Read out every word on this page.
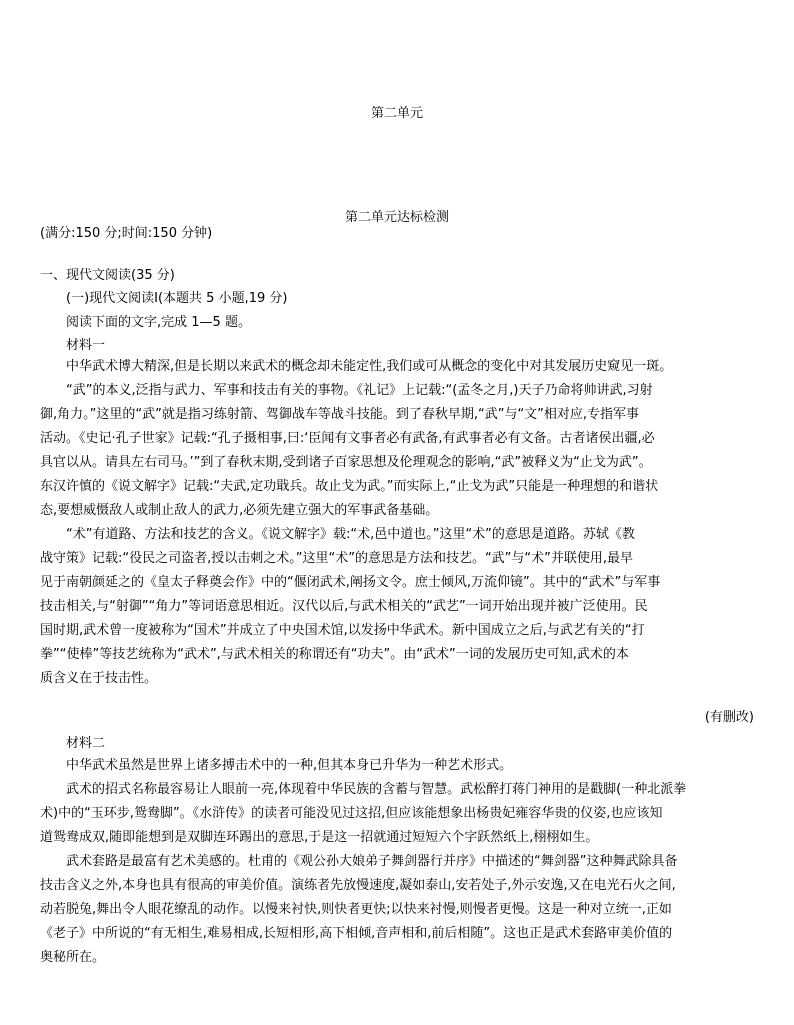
第二单元
第二单元达标检测
(满分:150 分;时间:150 分钟)
一、现代文阅读(35 分)
(一)现代文阅读Ⅰ(本题共 5 小题,19 分)
阅读下面的文字,完成 1—5 题。
材料一
中华武术博大精深,但是长期以来武术的概念却未能定性,我们或可从概念的变化中对其发展历史窥见一斑。
“武”的本义,泛指与武力、军事和技击有关的事物。《礼记》上记载:“(孟冬之月,)天子乃命将帅讲武,习射
御,角力。”这里的“武”就是指习练射箭、驾御战车等战斗技能。到了春秋早期,“武”与“文”相对应,专指军事
活动。《史记·孔子世家》记载:“孔子摄相事,曰:‘臣闻有文事者必有武备,有武事者必有文备。古者诸侯出疆,必
具官以从。请具左右司马。’”到了春秋末期,受到诸子百家思想及伦理观念的影响,“武”被释义为“止戈为武”。
东汉许慎的《说文解字》记载:“夫武,定功戢兵。故止戈为武。”而实际上,“止戈为武”只能是一种理想的和谐状
态,要想威慑敌人或制止敌人的武力,必须先建立强大的军事武备基础。
“术”有道路、方法和技艺的含义。《说文解字》载:“术,邑中道也。”这里“术”的意思是道路。苏轼《教
战守策》记载:“役民之司盗者,授以击刺之术。”这里“术”的意思是方法和技艺。“武”与“术”并联使用,最早
见于南朝颜延之的《皇太子释奠会作》中的“偃闭武术,阐扬文令。庶士倾风,万流仰镜”。其中的“武术”与军事
技击相关,与“射御”“角力”等词语意思相近。汉代以后,与武术相关的“武艺”一词开始出现并被广泛使用。民
国时期,武术曾一度被称为“国术”并成立了中央国术馆,以发扬中华武术。新中国成立之后,与武艺有关的“打
拳”“使棒”等技艺统称为“武术”,与武术相关的称谓还有“功夫”。由“武术”一词的发展历史可知,武术的本
质含义在于技击性。
(有删改)
材料二
中华武术虽然是世界上诸多搏击术中的一种,但其本身已升华为一种艺术形式。
武术的招式名称最容易让人眼前一亮,体现着中华民族的含蓄与智慧。武松醉打蒋门神用的是戳脚(一种北派拳
术)中的“玉环步,鸳鸯脚”。《水浒传》的读者可能没见过这招,但应该能想象出杨贵妃雍容华贵的仪姿,也应该知
道鸳鸯成双,随即能想到是双脚连环踢出的意思,于是这一招就通过短短六个字跃然纸上,栩栩如生。
武术套路是最富有艺术美感的。杜甫的《观公孙大娘弟子舞剑器行并序》中描述的“舞剑器”这种舞武除具备
技击含义之外,本身也具有很高的审美价值。演练者先放慢速度,凝如泰山,安若处子,外示安逸,又在电光石火之间,
动若脱兔,舞出令人眼花缭乱的动作。以慢来衬快,则快者更快;以快来衬慢,则慢者更慢。这是一种对立统一,正如
《老子》中所说的“有无相生,难易相成,长短相形,高下相倾,音声相和,前后相随”。这也正是武术套路审美价值的
奥秘所在。
